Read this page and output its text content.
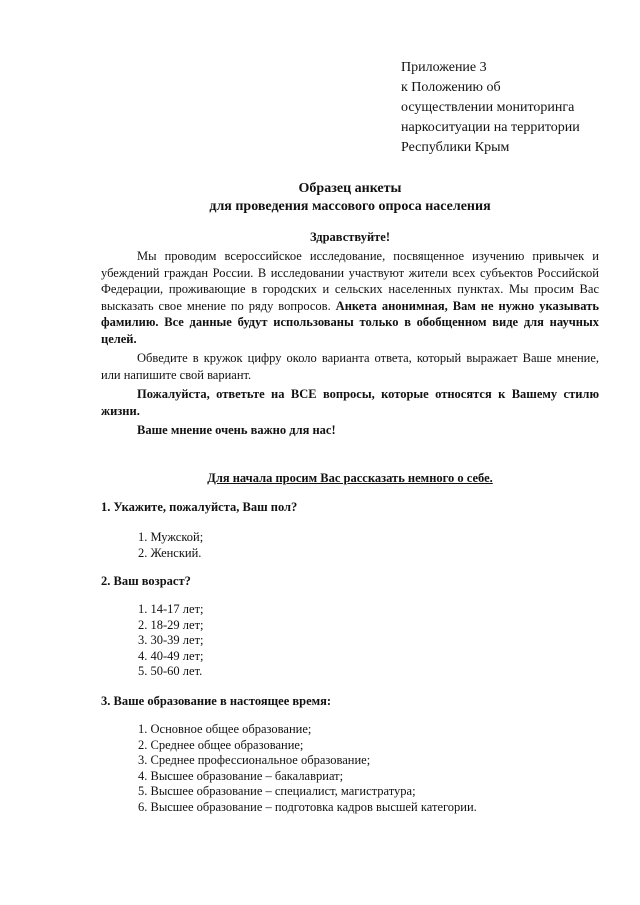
Приложение 3
к Положению об
осуществлении мониторинга
наркоситуации на территории
Республики Крым
Образец анкеты
для проведения массового опроса населения
Здравствуйте!

Мы проводим всероссийское исследование, посвященное изучению привычек и убеждений граждан России. В исследовании участвуют жители всех субъектов Российской Федерации, проживающие в городских и сельских населенных пунктах. Мы просим Вас высказать свое мнение по ряду вопросов. Анкета анонимная, Вам не нужно указывать фамилию. Все данные будут использованы только в обобщенном виде для научных целей.

Обведите в кружок цифру около варианта ответа, который выражает Ваше мнение, или напишите свой вариант.

Пожалуйста, ответьте на ВСЕ вопросы, которые относятся к Вашему стилю жизни.

Ваше мнение очень важно для нас!

Для начала просим Вас рассказать немного о себе.
1. Укажите, пожалуйста, Ваш пол?
1. Мужской;
2. Женский.
2. Ваш возраст?
1. 14-17 лет;
2. 18-29 лет;
3. 30-39 лет;
4. 40-49 лет;
5. 50-60 лет.
3. Ваше образование в настоящее время:
1. Основное общее образование;
2. Среднее общее образование;
3. Среднее профессиональное образование;
4. Высшее образование – бакалавриат;
5. Высшее образование – специалист, магистратура;
6. Высшее образование – подготовка кадров высшей категории.
